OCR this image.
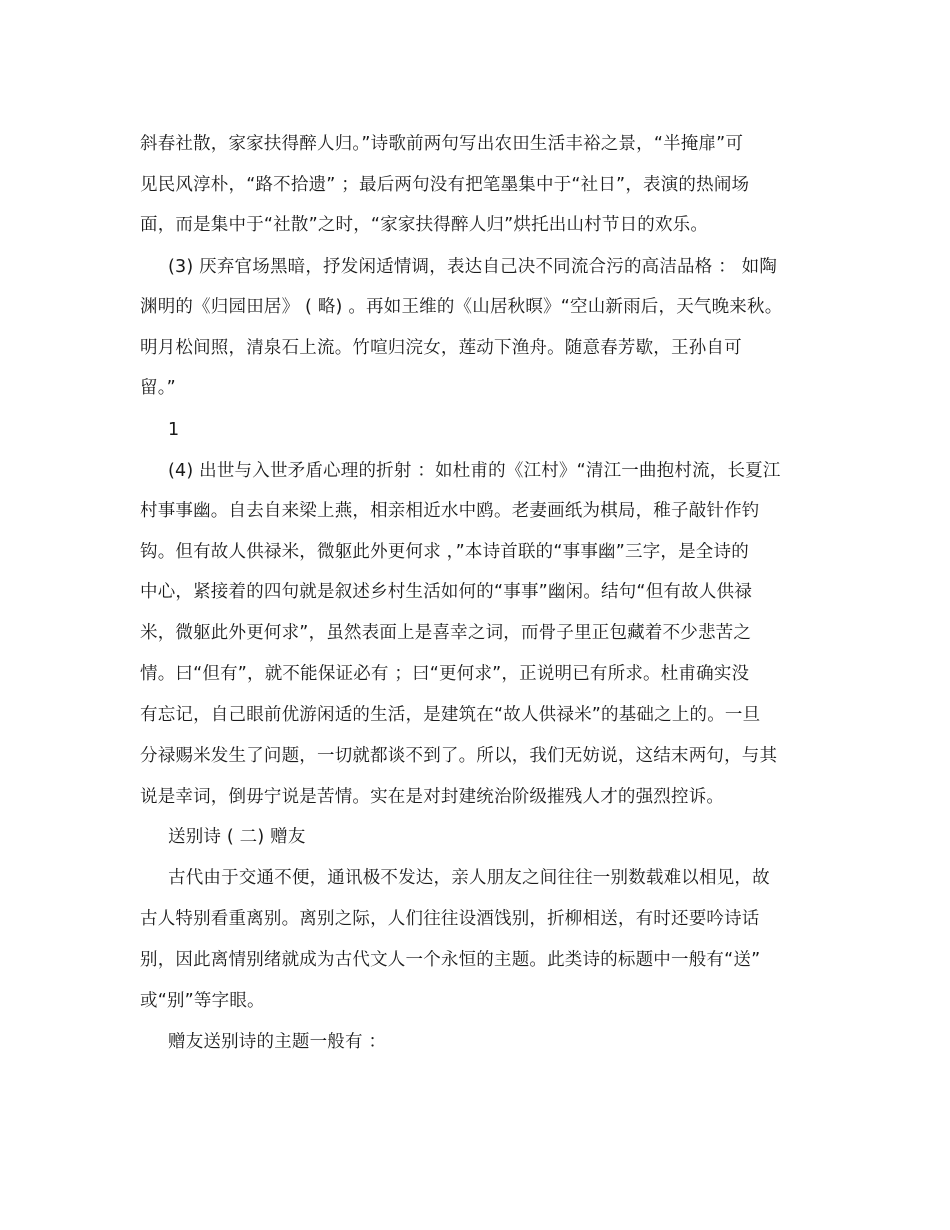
斜春社散，家家扶得醉人归。”诗歌前两句写出农田生活丰裕之景，“半掩扉”可

见民风淳朴，“路不拾遗” ；最后两句没有把笔墨集中于“社日”，表演的热闹场

面，而是集中于“社散”之时，“家家扶得醉人归”烘托出山村节日的欢乐。

(3) 厌弃官场黑暗，抒发闲适情调，表达自己决不同流合污的高洁品格 ： 如陶

渊明的《归园田居》 ( 略) 。再如王维的《山居秋暝》“空山新雨后，天气晚来秋。

明月松间照，清泉石上流。竹喧归浣女，莲动下渔舟。随意春芳歇，王孙自可

留。”

1

(4) 出世与入世矛盾心理的折射 ：如杜甫的《江村》“清江一曲抱村流，长夏江

村事事幽。自去自来梁上燕，相亲相近水中鸥。老妻画纸为棋局，稚子敲针作钓

钩。但有故人供禄米，微躯此外更何求 ，”本诗首联的“事事幽”三字，是全诗的

中心，紧接着的四句就是叙述乡村生活如何的“事事”幽闲。结句“但有故人供禄

米，微躯此外更何求”，虽然表面上是喜幸之词，而骨子里正包藏着不少悲苦之

情。曰“但有”，就不能保证必有 ；曰“更何求”，正说明已有所求。杜甫确实没

有忘记，自己眼前优游闲适的生活，是建筑在“故人供禄米”的基础之上的。一旦

分禄赐米发生了问题，一切就都谈不到了。所以，我们无妨说，这结末两句，与其

说是幸词，倒毋宁说是苦情。实在是对封建统治阶级摧残人才的强烈控诉。

送别诗 ( 二) 赠友

古代由于交通不便，通讯极不发达，亲人朋友之间往往一别数载难以相见，故

古人特别看重离别。离别之际，人们往往设酒饯别，折柳相送，有时还要吟诗话

别，因此离情别绪就成为古代文人一个永恒的主题。此类诗的标题中一般有“送”

或“别”等字眼。

赠友送别诗的主题一般有 ：
